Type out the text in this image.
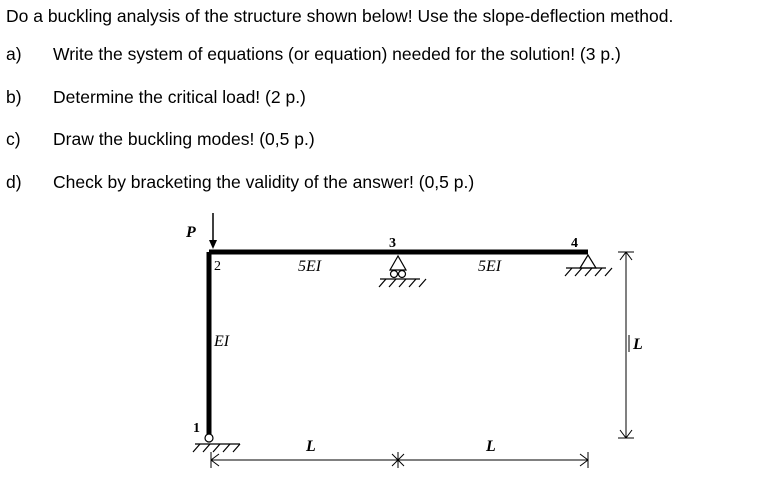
Do a buckling analysis of the structure shown below! Use the slope-deflection method.
a) Write the system of equations (or equation) needed for the solution! (3 p.)
b) Determine the critical load! (2 p.)
c) Draw the buckling modes! (0,5 p.)
d) Check by bracketing the validity of the answer! (0,5 p.)
P
1
2
3	4
5EI	5EI
EI
L	L
L
